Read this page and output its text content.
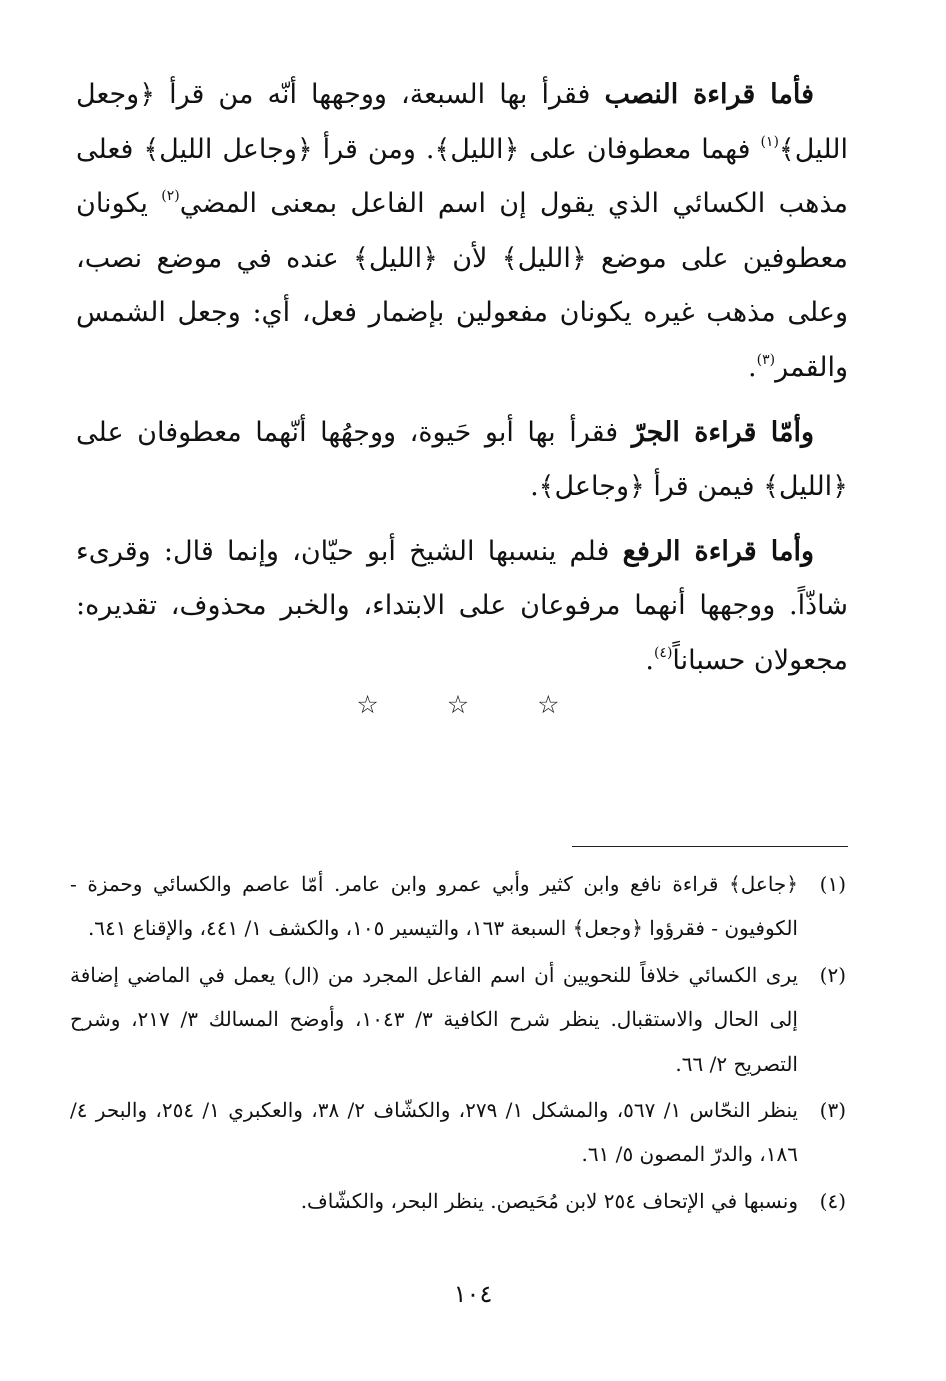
فأما قراءة النصب فقرأ بها السبعة، ووجهها أنّه من قرأ ﴿وجعل الليل﴾$^{(١)}$ فهما معطوفان على ﴿الليل﴾. ومن قرأ ﴿وجاعل الليل﴾ فعلى مذهب الكسائي الذي يقول إن اسم الفاعل بمعنى المضي$^{(٢)}$ يكونان معطوفين على موضع ﴿الليل﴾ لأن ﴿الليل﴾ عنده في موضع نصب، وعلى مذهب غيره يكونان مفعولين بإضمار فعل، أي: وجعل الشمس والقمر$^{(٣)}$.

وأمّا قراءة الجرّ فقرأ بها أبو حَيوة، ووجهُها أنّهما معطوفان على ﴿الليل﴾ فيمن قرأ ﴿وجاعل﴾.

وأما قراءة الرفع فلم ينسبها الشيخ أبو حيّان، وإنما قال: وقرىء شاذّاً. ووجهها أنهما مرفوعان على الابتداء، والخبر محذوف، تقديره: مجعولان حسباناً$^{(٤)}$.

☆ ☆ ☆
(١)
﴿جاعل﴾ قراءة نافع وابن كثير وأبي عمرو وابن عامر. أمّا عاصم والكسائي وحمزة - الكوفيون - فقرؤوا ﴿وجعل﴾ السبعة ١٦٣، والتيسير ١٠٥، والكشف ١/ ٤٤١، والإقناع ٦٤١.
(٢)
يرى الكسائي خلافاً للنحويين أن اسم الفاعل المجرد من (ال) يعمل في الماضي إضافة إلى الحال والاستقبال. ينظر شرح الكافية ٣/ ١٠٤٣، وأوضح المسالك ٣/ ٢١٧، وشرح التصريح ٢/ ٦٦.
(٣)
ينظر النحّاس ١/ ٥٦٧، والمشكل ١/ ٢٧٩، والكشّاف ٢/ ٣٨، والعكبري ١/ ٢٥٤، والبحر ٤/ ١٨٦، والدرّ المصون ٥/ ٦١.
(٤)
ونسبها في الإتحاف ٢٥٤ لابن مُحَيصن. ينظر البحر، والكشّاف.
١٠٤
